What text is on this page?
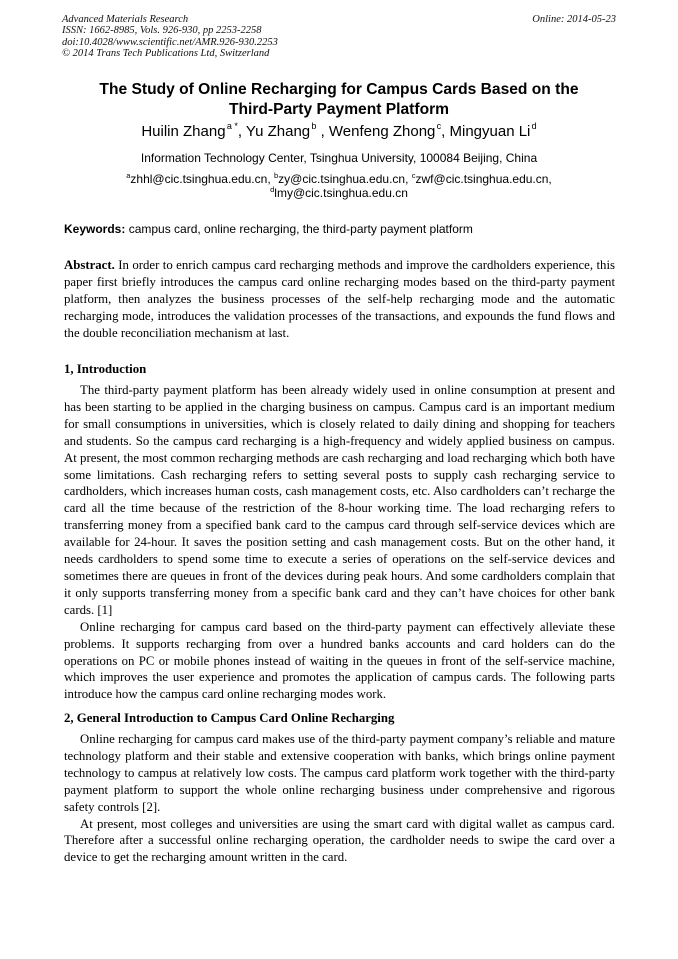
Advanced Materials Research
ISSN: 1662-8985, Vols. 926-930, pp 2253-2258
doi:10.4028/www.scientific.net/AMR.926-930.2253
© 2014 Trans Tech Publications Ltd, Switzerland
Online: 2014-05-23
The Study of Online Recharging for Campus Cards Based on the
Third-Party Payment Platform
Huilin Zhang $^{a *}$, Yu Zhang $^b$ , Wenfeng Zhong $^c$, Mingyuan Li $^d$
Information Technology Center, Tsinghua University, 100084 Beijing, China
$^a$zhhl@cic.tsinghua.edu.cn, $^b$zy@cic.tsinghua.edu.cn, $^c$zwf@cic.tsinghua.edu.cn,
$^d$lmy@cic.tsinghua.edu.cn
Keywords: campus card, online recharging, the third-party payment platform

Abstract. In order to enrich campus card recharging methods and improve the cardholders experience, this paper first briefly introduces the campus card online recharging modes based on the third-party payment platform, then analyzes the business processes of the self-help recharging mode and the automatic recharging mode, introduces the validation processes of the transactions, and expounds the fund flows and the double reconciliation mechanism at last.

1, Introduction

The third-party payment platform has been already widely used in online consumption at present and has been starting to be applied in the charging business on campus. Campus card is an important medium for small consumptions in universities, which is closely related to daily dining and shopping for teachers and students. So the campus card recharging is a high-frequency and widely applied business on campus. At present, the most common recharging methods are cash recharging and load recharging which both have some limitations. Cash recharging refers to setting several posts to supply cash recharging service to cardholders, which increases human costs, cash management costs, etc. Also cardholders can’t recharge the card all the time because of the restriction of the 8-hour working time. The load recharging refers to transferring money from a specified bank card to the campus card through self-service devices which are available for 24-hour. It saves the position setting and cash management costs. But on the other hand, it needs cardholders to spend some time to execute a series of operations on the self-service devices and sometimes there are queues in front of the devices during peak hours. And some cardholders complain that it only supports transferring money from a specific bank card and they can’t have choices for other bank cards. [1]

Online recharging for campus card based on the third-party payment can effectively alleviate these problems. It supports recharging from over a hundred banks accounts and card holders can do the operations on PC or mobile phones instead of waiting in the queues in front of the self-service machine, which improves the user experience and promotes the application of campus cards. The following parts introduce how the campus card online recharging modes work.

2, General Introduction to Campus Card Online Recharging

Online recharging for campus card makes use of the third-party payment company’s reliable and mature technology platform and their stable and extensive cooperation with banks, which brings online payment technology to campus at relatively low costs. The campus card platform work together with the third-party payment platform to support the whole online recharging business under comprehensive and rigorous safety controls [2].

At present, most colleges and universities are using the smart card with digital wallet as campus card. Therefore after a successful online recharging operation, the cardholder needs to swipe the card over a device to get the recharging amount written in the card.
